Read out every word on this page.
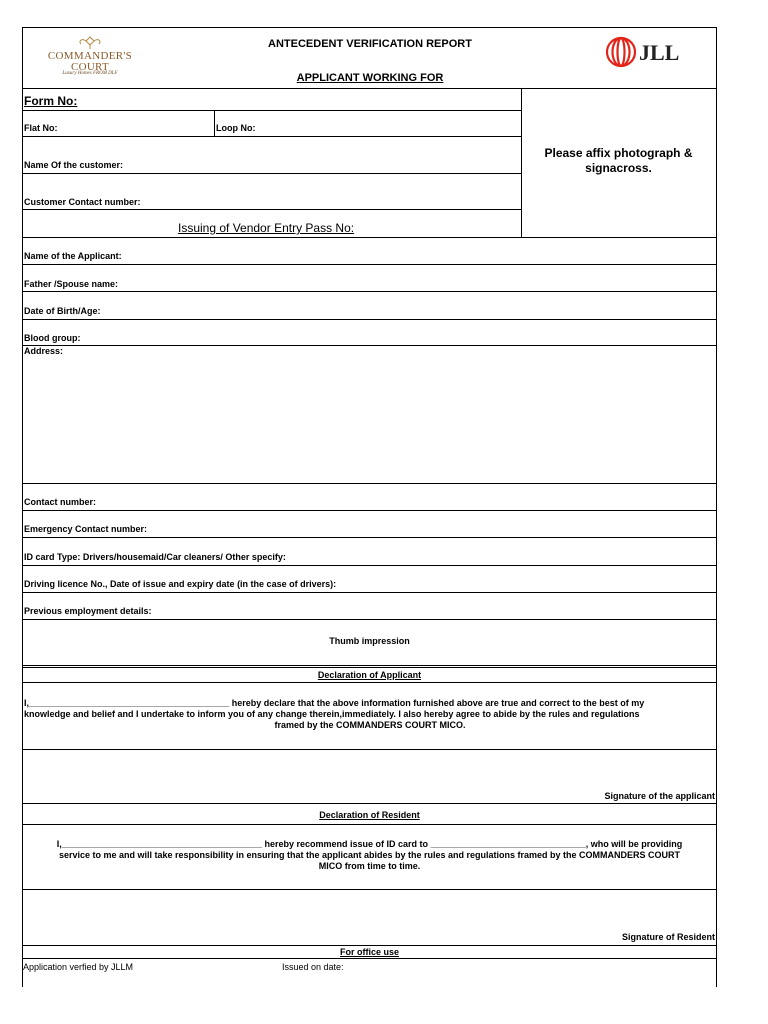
COMMANDER'S COURT
Luxury Homes FROM DLF
ANTECEDENT VERIFICATION REPORT
APPLICANT WORKING FOR
JLL
Form No:
Flat No:	Loop No:
Name Of the customer:
Customer Contact number:
Issuing of Vendor Entry Pass No:
Please affix photograph & signacross.
Name of the Applicant:
Father /Spouse name:
Date of Birth/Age:
Blood group:
Address:
Contact number:
Emergency Contact number:
ID card Type: Drivers/housemaid/Car cleaners/ Other specify:
Driving licence No., Date of issue and expiry date (in the case of drivers):
Previous employment details:
Thumb impression
Declaration of Applicant
I,________________________________________ hereby declare that the above information furnished above are true and correct to the best of my
knowledge and belief and I undertake to inform you of any change therein,immediately. I also hereby agree to abide by the rules and regulations
framed by the COMMANDERS COURT MICO.
Signature of the applicant
Declaration of Resident
I,________________________________________ hereby recommend issue of ID card to _______________________________, who will be providing
service to me and will take responsibility in ensuring that the applicant abides by the rules and regulations framed by the COMMANDERS COURT
MICO from time to time.
Signature of Resident
For office use
Application verfied by JLLM	Issued on date:
